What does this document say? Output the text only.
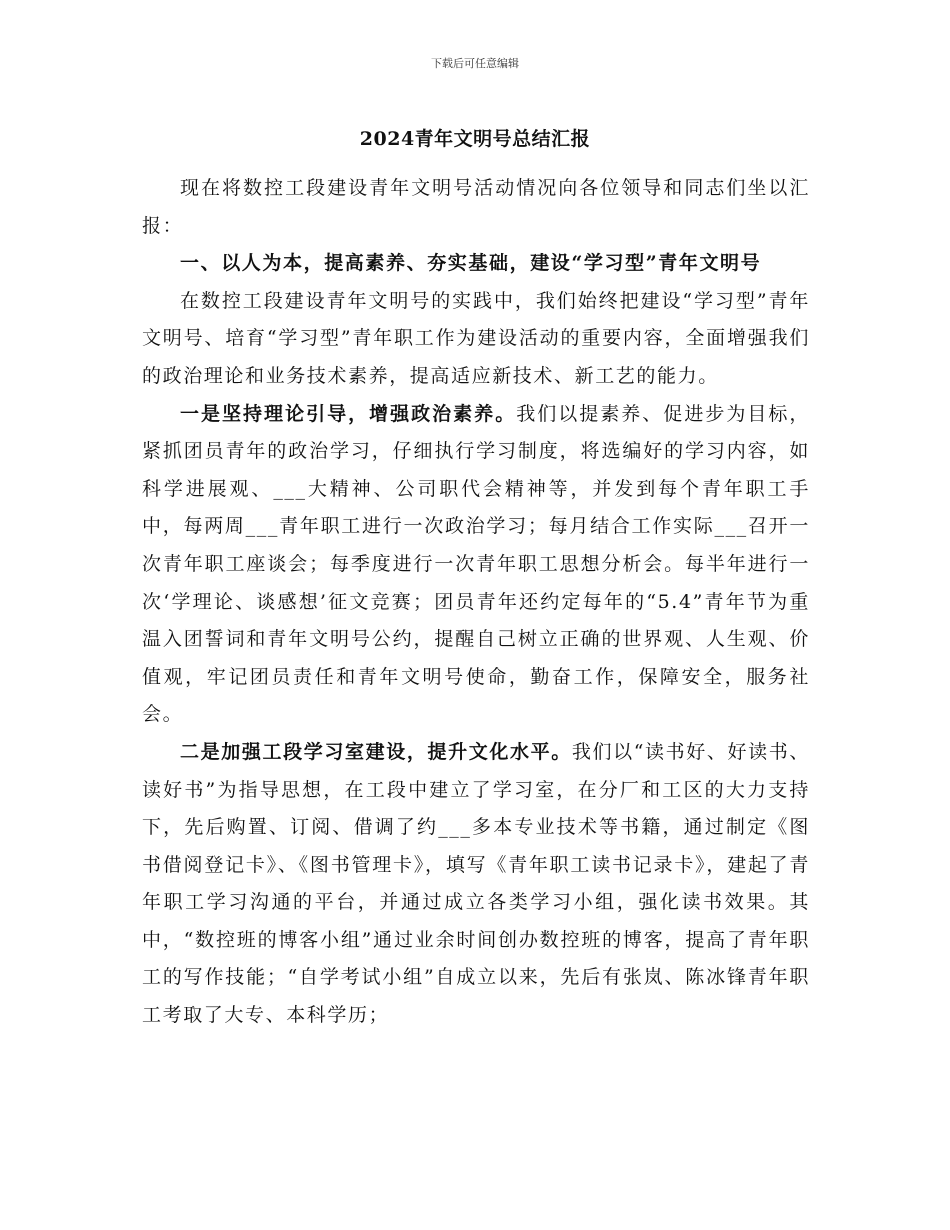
下载后可任意编辑
2024青年文明号总结汇报

现在将数控工段建设青年文明号活动情况向各位领导和同志们坐以汇报：

一、以人为本，提高素养、夯实基础，建设“学习型”青年文明号

在数控工段建设青年文明号的实践中，我们始终把建设“学习型”青年文明号、培育“学习型”青年职工作为建设活动的重要内容，全面增强我们的政治理论和业务技术素养，提高适应新技术、新工艺的能力。

一是坚持理论引导，增强政治素养。我们以提素养、促进步为目标，紧抓团员青年的政治学习，仔细执行学习制度，将选编好的学习内容，如科学进展观、___大精神、公司职代会精神等，并发到每个青年职工手中，每两周___青年职工进行一次政治学习；每月结合工作实际___召开一次青年职工座谈会；每季度进行一次青年职工思想分析会。每半年进行一次‘学理论、谈感想’征文竞赛；团员青年还约定每年的“5.4”青年节为重温入团誓词和青年文明号公约，提醒自己树立正确的世界观、人生观、价值观，牢记团员责任和青年文明号使命，勤奋工作，保障安全，服务社会。

二是加强工段学习室建设，提升文化水平。我们以“读书好、好读书、读好书”为指导思想，在工段中建立了学习室，在分厂和工区的大力支持下，先后购置、订阅、借调了约___多本专业技术等书籍，通过制定《图书借阅登记卡》、《图书管理卡》，填写《青年职工读书记录卡》，建起了青年职工学习沟通的平台，并通过成立各类学习小组，强化读书效果。其中，“数控班的博客小组”通过业余时间创办数控班的博客，提高了青年职工的写作技能；“自学考试小组”自成立以来，先后有张岚、陈冰锋青年职工考取了大专、本科学历；
